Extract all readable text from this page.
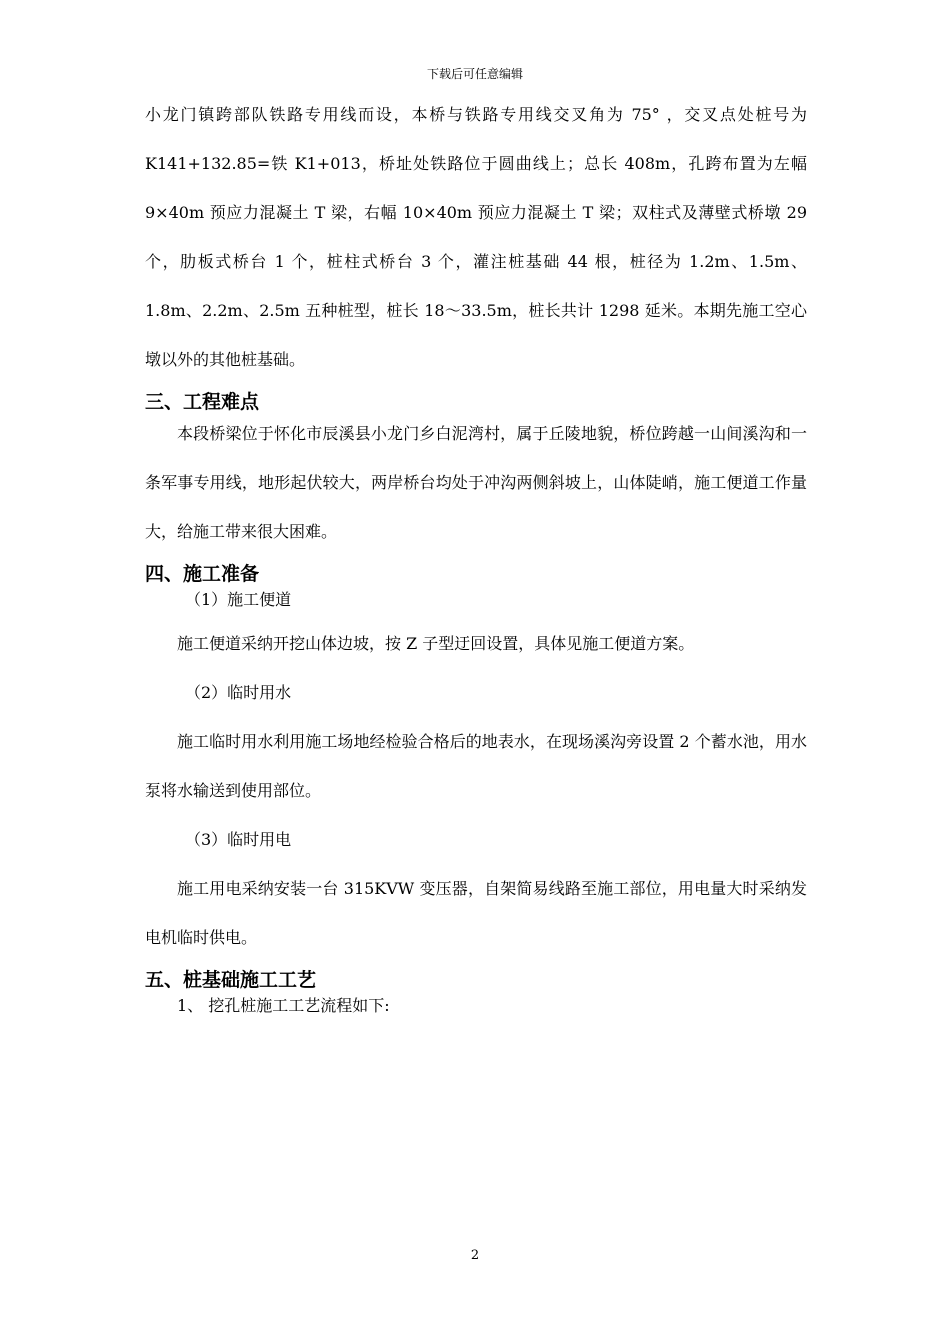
下载后可任意编辑

小龙门镇跨部队铁路专用线而设，本桥与铁路专用线交叉角为 75° ，交叉点处桩号为 K141+132.85=铁 K1+013，桥址处铁路位于圆曲线上；总长 408m，孔跨布置为左幅 9×40m 预应力混凝土 T 梁，右幅 10×40m 预应力混凝土 T 梁；双柱式及薄壁式桥墩 29 个，肋板式桥台 1 个，桩柱式桥台 3 个，灌注桩基础 44 根，桩径为 1.2m、1.5m、1.8m、2.2m、2.5m 五种桩型，桩长 18～33.5m，桩长共计 1298 延米。本期先施工空心墩以外的其他桩基础。

三、工程难点

本段桥梁位于怀化市辰溪县小龙门乡白泥湾村，属于丘陵地貌，桥位跨越一山间溪沟和一条军事专用线，地形起伏较大，两岸桥台均处于冲沟两侧斜坡上，山体陡峭，施工便道工作量大，给施工带来很大困难。

四、施工准备

（1）施工便道

施工便道采纳开挖山体边坡，按 Z 子型迂回设置，具体见施工便道方案。

（2）临时用水

施工临时用水利用施工场地经检验合格后的地表水，在现场溪沟旁设置 2 个蓄水池，用水泵将水输送到使用部位。

（3）临时用电

施工用电采纳安装一台 315KVW 变压器，自架简易线路至施工部位，用电量大时采纳发电机临时供电。

五、桩基础施工工艺

1、 挖孔桩施工工艺流程如下:

2
